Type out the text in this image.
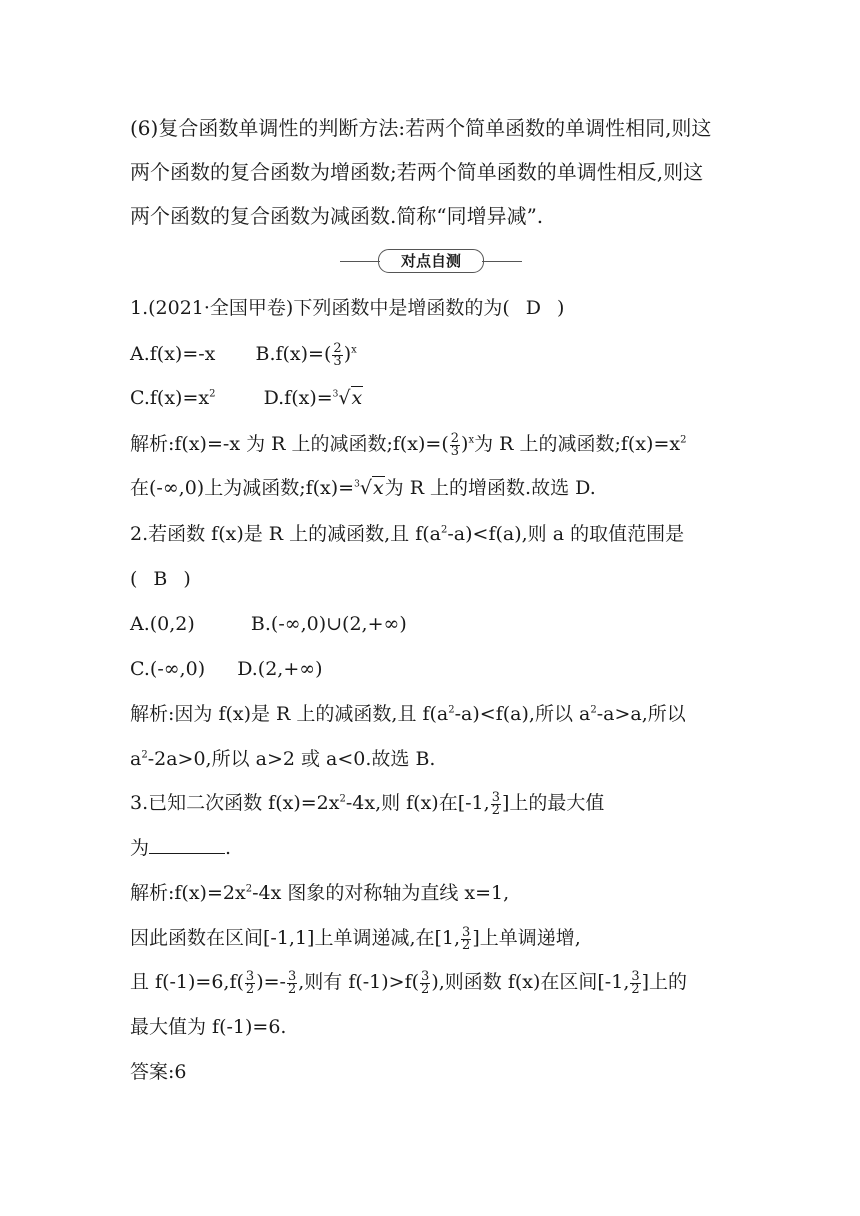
(6)复合函数单调性的判断方法:若两个简单函数的单调性相同,则这
两个函数的复合函数为增函数;若两个简单函数的单调性相反,则这
两个函数的复合函数为减函数.简称“同增异减”.
对点自测
1.(2021·全国甲卷)下列函数中是增函数的为( D )
A.f(x)=-x $B.f(x)=( \frac{2}{3} )^x$
$C.f(x)=x^2$	D.f(x)=$^3$√x
解析:f(x)=-x 为 R 上的减函数;f(x)=( $\frac{2}{3} )^x$为 R 上的减函数$;f(x)=x^2$
在(-∞,0)上为减函数;f(x)=$^3$√x为 R 上的增函数.故选 D.
2.若函数 f(x)是 R 上的减函数,且 $f(a^2-a)<f(a)$,则 a 的取值范围是
( B )
A.(0,2)	B.(-∞,0)∪(2,+∞)
C.(-∞,0) D.(2,+∞)
解析:因为 f(x)是 R 上的减函数,且 $f(a^2-a)<f(a)$,所以 $a^2-a>a$,所以
$a^2-2a>0$,所以 a>2 或 a<0.故选 B.
3.已知二次函数 $f(x)=2x^2-4x$,则 f(x)在[-1, $\frac{3}{2}$ ]上的最大值
为	.
解析$:f(x)=2x^2-4x$ 图象的对称轴为直线 x=1,
因此函数在区间[-1,1]上单调递减,在[1, $\frac{3}{2}$ ]上单调递增,
且 $f(-1)=6,f( \frac{3}{2}$ )=- $\frac{3}{2}$ ,则有 $f(-1)>f( \frac{3}{2}$ ),则函数 f(x)在区间[-1, $\frac{3}{2}$ ]上的
最大值为 f(-1)=6.
答案:6
